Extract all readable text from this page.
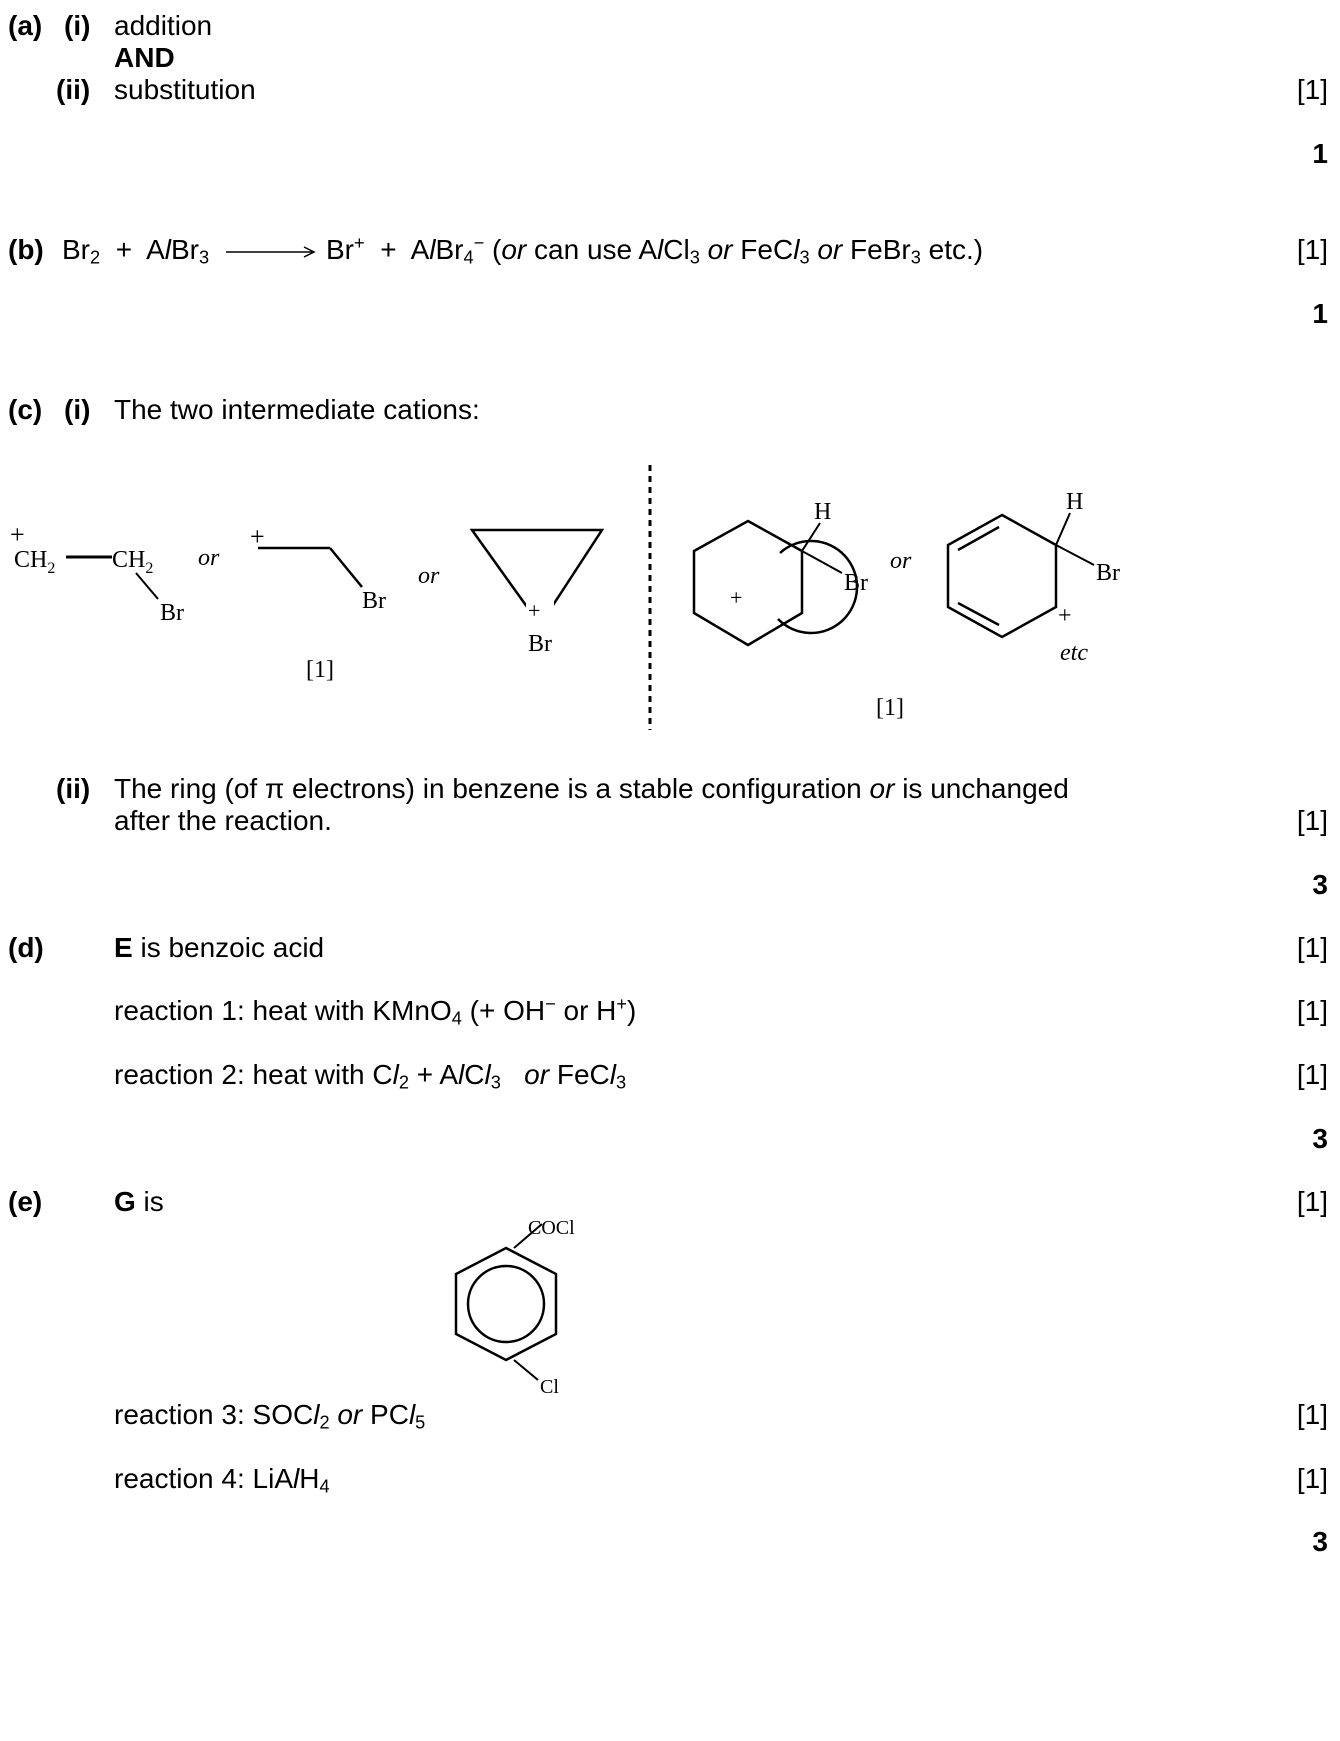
(a) (i) addition
AND
(ii) substitution	[1]
1
(b) $Br_2$ + AlBr$_3$ → Br+ + AlBr$_4$− (or can use AlCl$_3$ or FeCl$_3$ or FeBr$_3$ etc.)	[1]
1
(c) (i) The two intermediate cations:
+
$CH_2$ $CH_2$
Br
or
+
Br
or
+
Br
[1]
+
H
Br
or
H
Br
+
etc
[1]
(ii) The ring (of π electrons) in benzene is a stable configuration or is unchanged
after the reaction.	[1]
3
(d)	E is benzoic acid	[1]
reaction 1: heat with KMnO$_4$ (+ OH− or H+)	[1]
reaction 2: heat with $Cl_2$ + AlCl$_3$ or FeCl$_3$	[1]
3
(e)	G is	[1]
COCl
Cl
reaction 3: SOCl$_2$ or PCl$_5$	[1]
reaction 4: LiAlH$_4$	[1]
3
